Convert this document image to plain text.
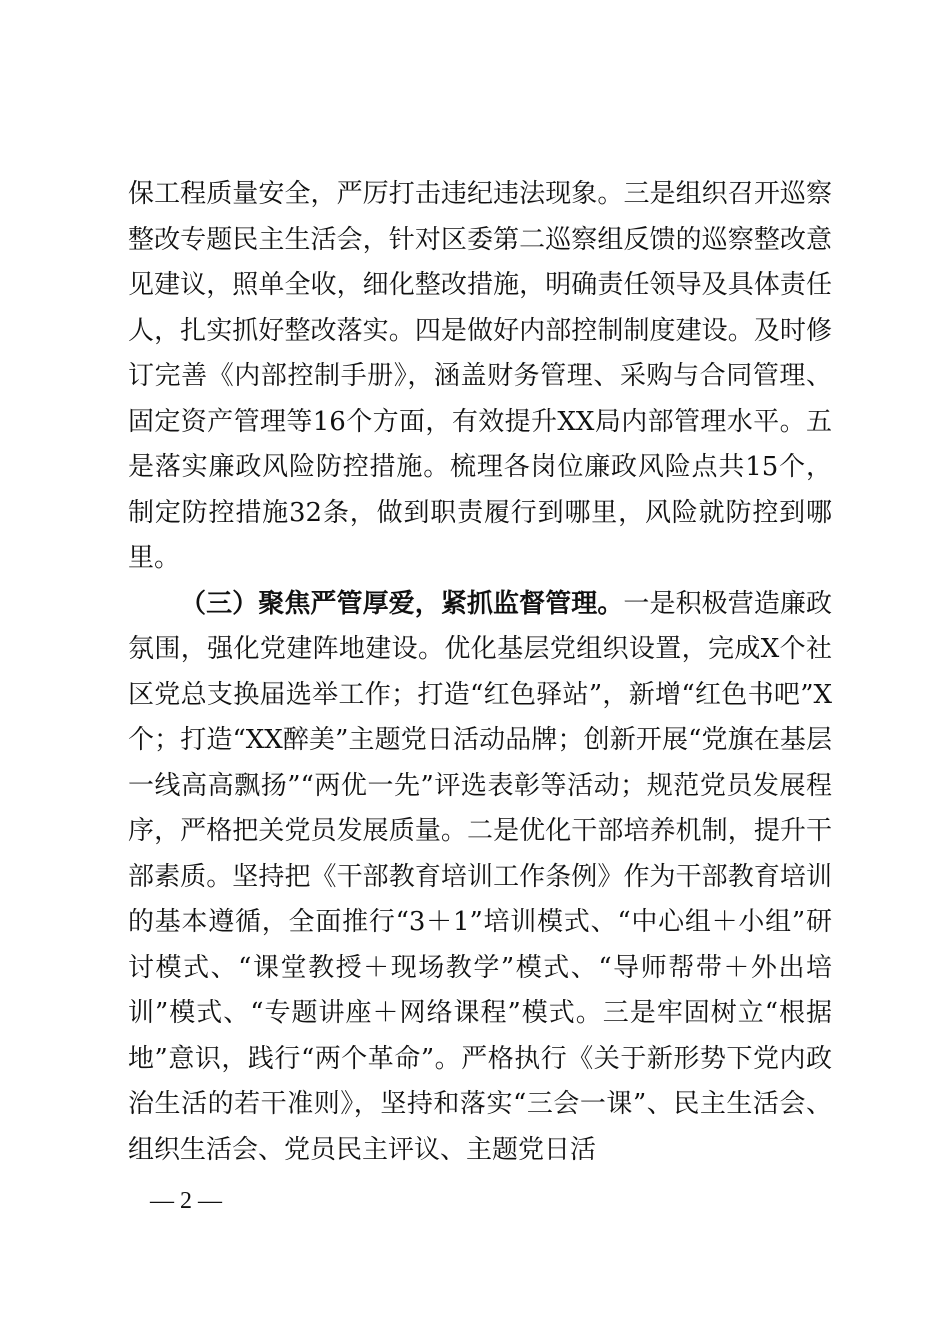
保工程质量安全，严厉打击违纪违法现象。三是组织召开巡察整改专题民主生活会，针对区委第二巡察组反馈的巡察整改意见建议，照单全收，细化整改措施，明确责任领导及具体责任人，扎实抓好整改落实。四是做好内部控制制度建设。及时修订完善《内部控制手册》，涵盖财务管理、采购与合同管理、固定资产管理等16个方面，有效提升XX局内部管理水平。五是落实廉政风险防控措施。梳理各岗位廉政风险点共15个，制定防控措施32条，做到职责履行到哪里，风险就防控到哪里。

（三）聚焦严管厚爱，紧抓监督管理。一是积极营造廉政氛围，强化党建阵地建设。优化基层党组织设置，完成X个社区党总支换届选举工作；打造“红色驿站”，新增“红色书吧”X个；打造“XX醉美”主题党日活动品牌；创新开展“党旗在基层一线高高飘扬”“两优一先”评选表彰等活动；规范党员发展程序，严格把关党员发展质量。二是优化干部培养机制，提升干部素质。坚持把《干部教育培训工作条例》作为干部教育培训的基本遵循，全面推行“3＋1”培训模式、“中心组＋小组”研讨模式、“课堂教授＋现场教学”模式、“导师帮带＋外出培训”模式、“专题讲座＋网络课程”模式。三是牢固树立“根据地”意识，践行“两个革命”。严格执行《关于新形势下党内政治生活的若干准则》，坚持和落实“三会一课”、民主生活会、组织生活会、党员民主评议、主题党日活

— 2 —
